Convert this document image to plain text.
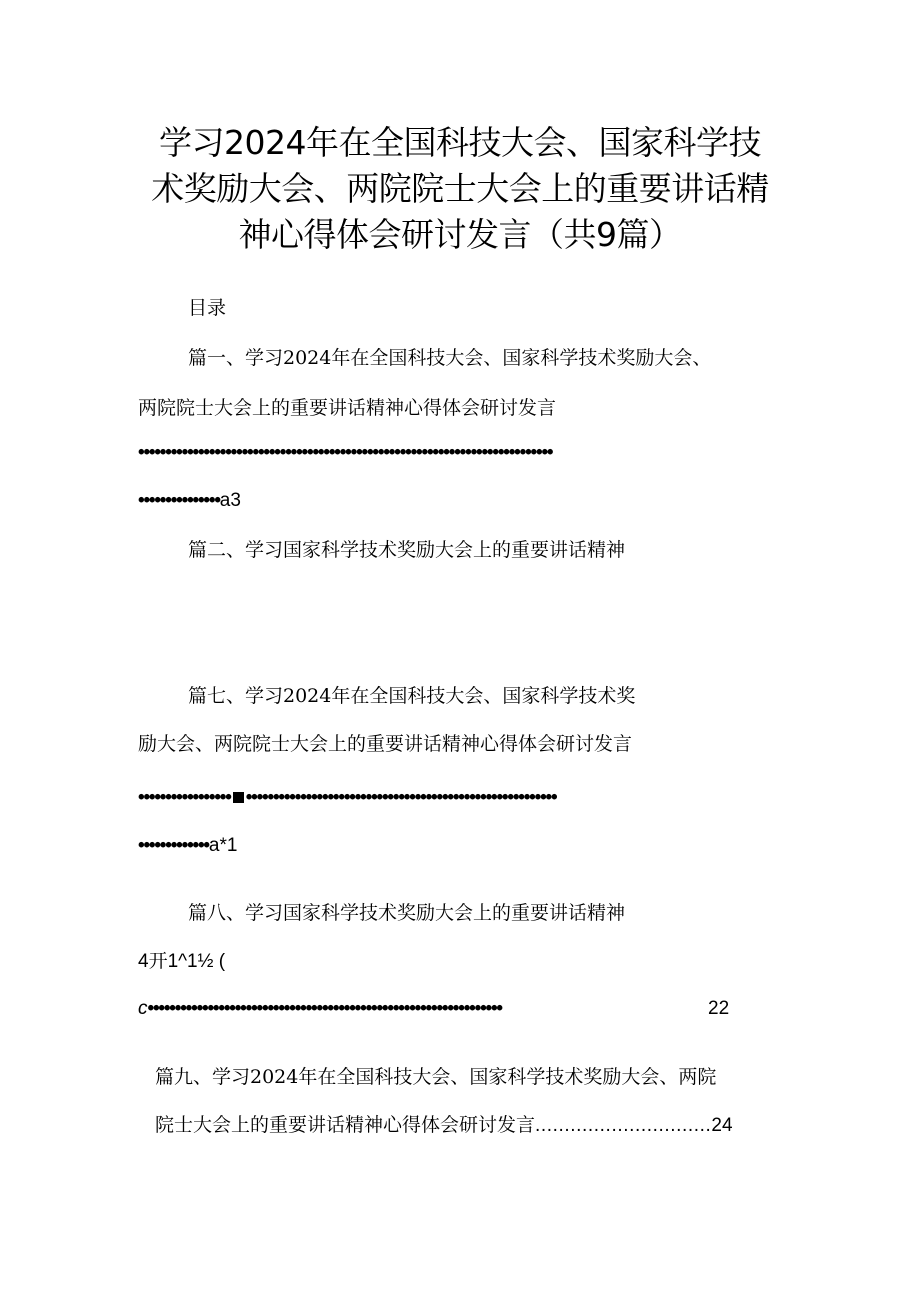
学习2024年在全国科技大会、国家科学技
术奖励大会、两院院士大会上的重要讲话精
神心得体会研讨发言（共9篇）
目录
篇一、学习2024年在全国科技大会、国家科学技术奖励大会、
两院院士大会上的重要讲话精神心得体会研讨发言
••••••••••••••••••••••••••••••••••••••••••••••••••••••••••••••••••••••••••••
•••••••••••••••a3
篇二、学习国家科学技术奖励大会上的重要讲话精神
篇七、学习2024年在全国科技大会、国家科学技术奖
励大会、两院院士大会上的重要讲话精神心得体会研讨发言
••••••••••••••••• •••••••••••••••••••••••••••••••••••••••••••••••••••••••••
•••••••••••••a*1
篇八、学习国家科学技术奖励大会上的重要讲话精神
4开1^1½ (
c•••••••••••••••••••••••••••••••••••••••••••••••••••••••••••••••••	22
篇九、学习2024年在全国科技大会、国家科学技术奖励大会、两院
院士大会上的重要讲话精神心得体会研讨发言..............................24
